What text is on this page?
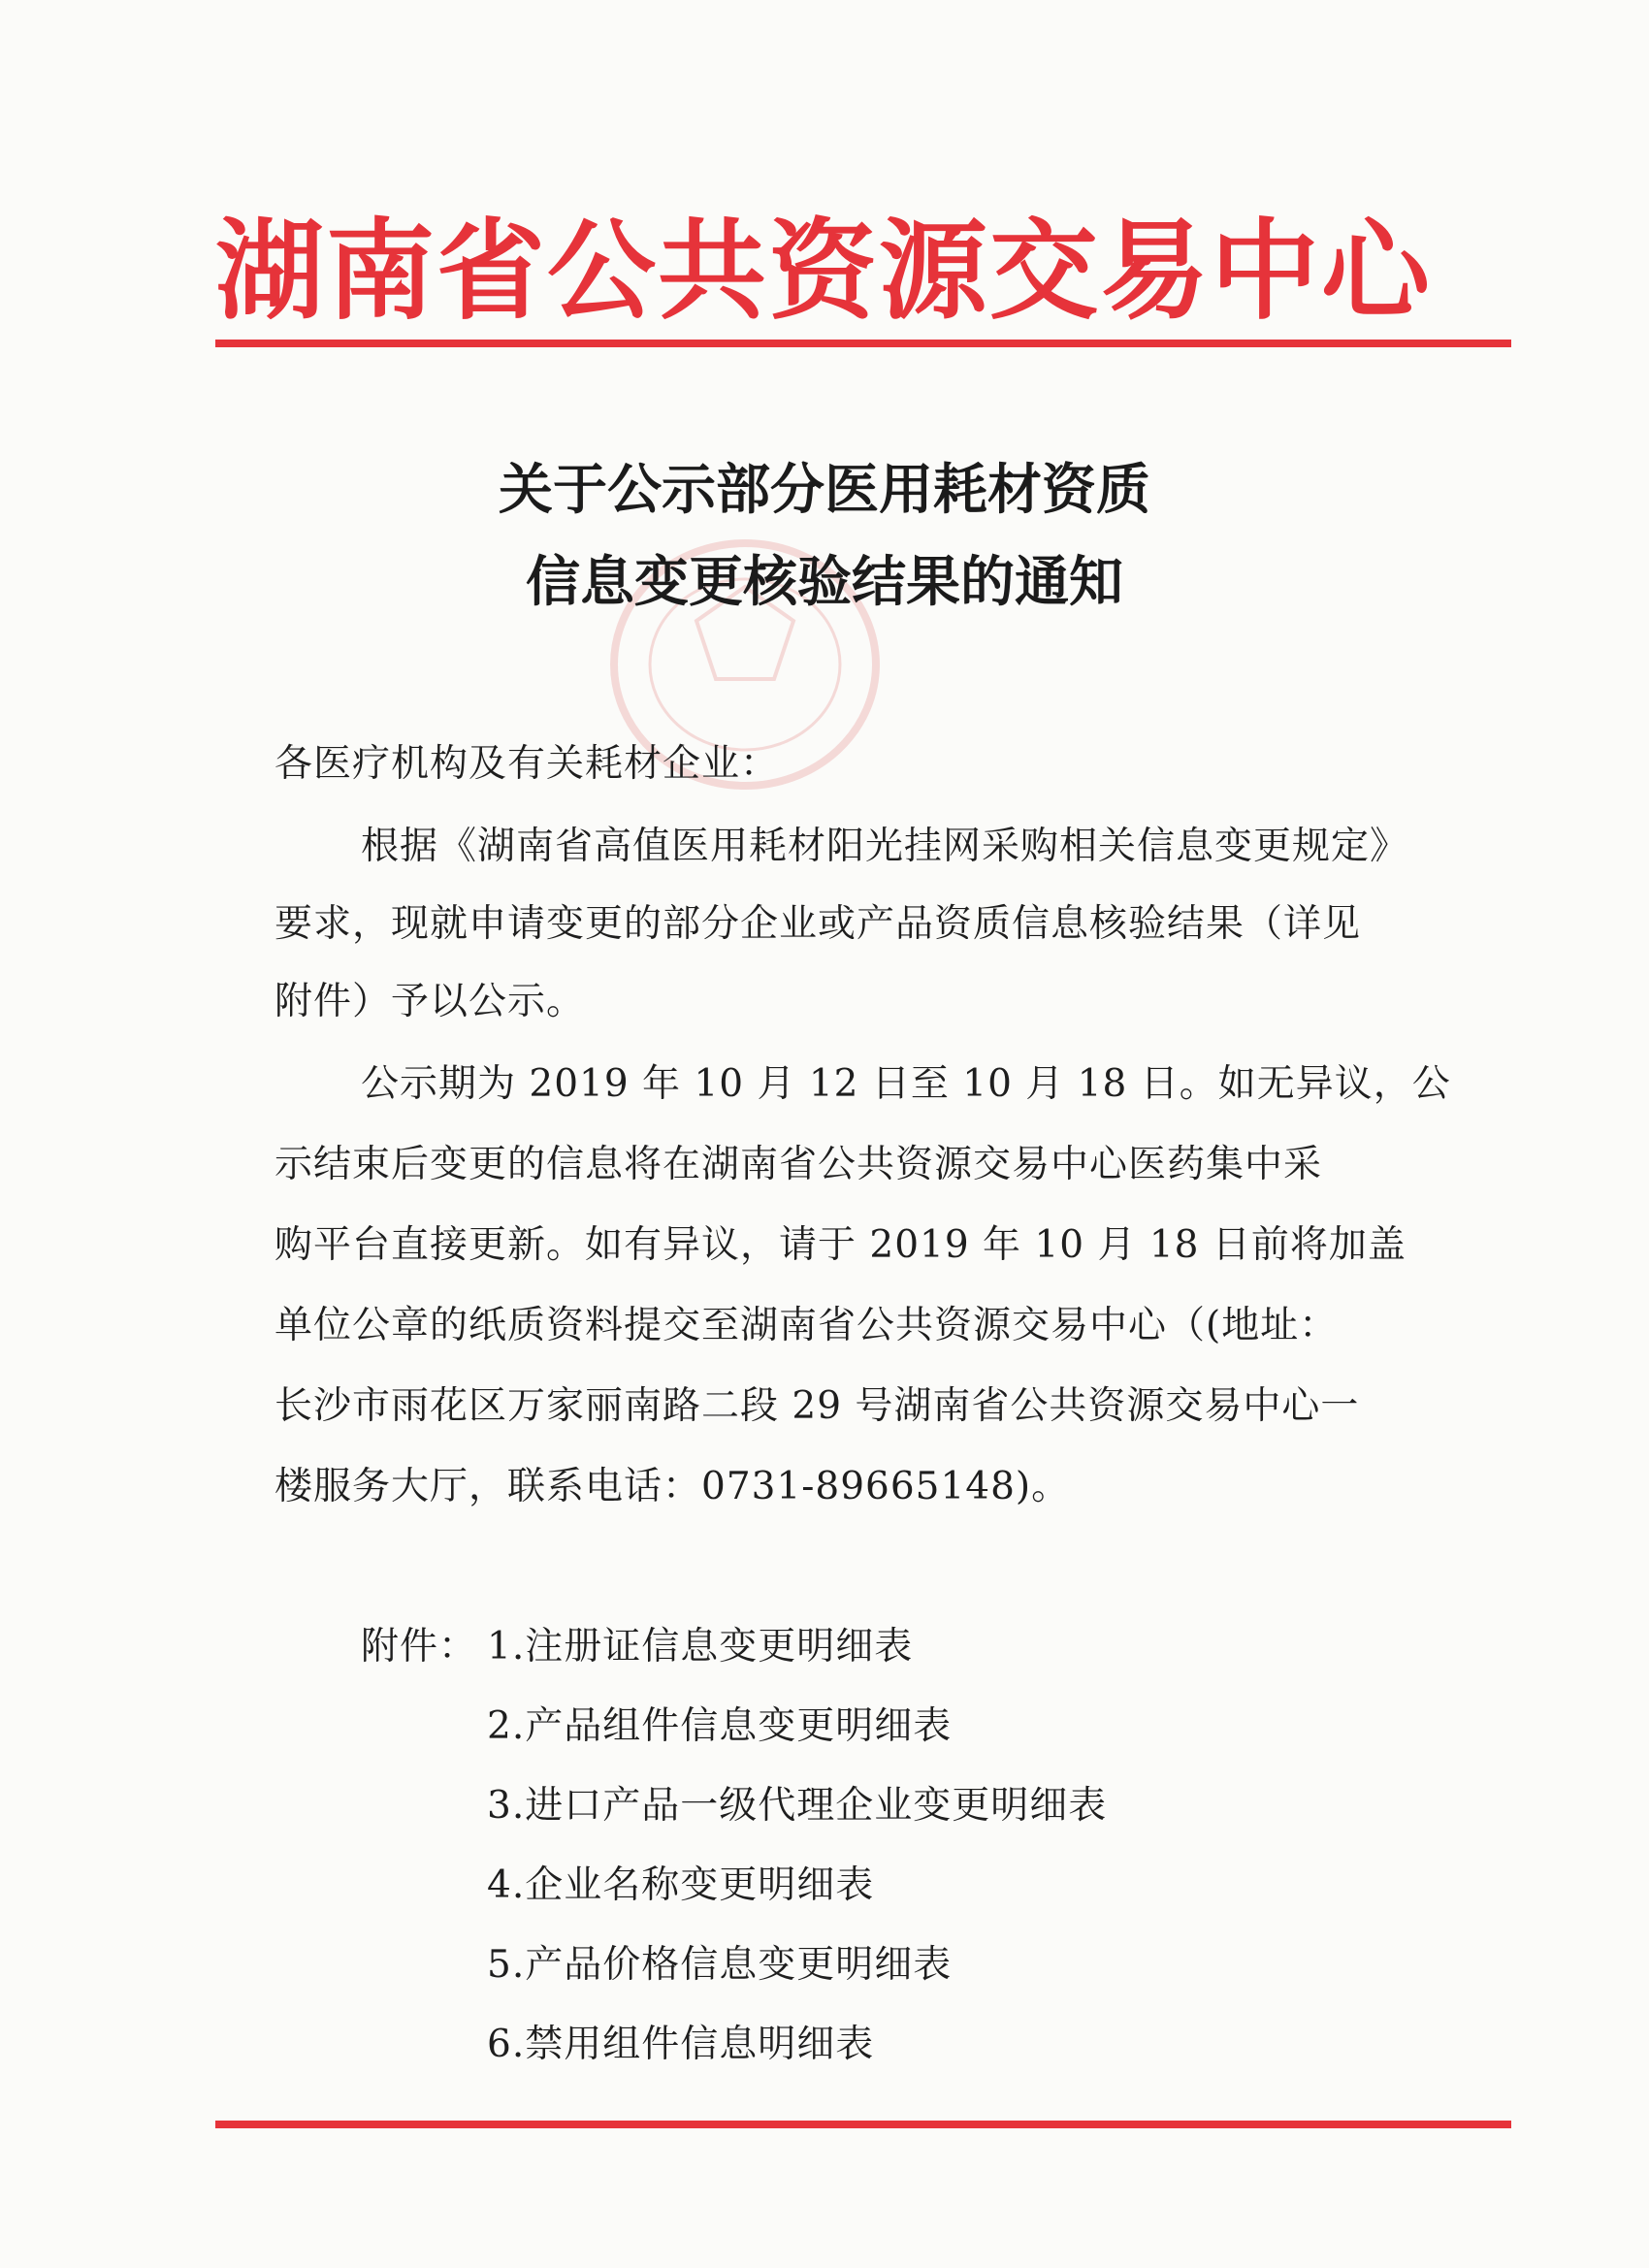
湖南省公共资源交易中心
关于公示部分医用耗材资质
信息变更核验结果的通知
各医疗机构及有关耗材企业：
根据《湖南省高值医用耗材阳光挂网采购相关信息变更规定》
要求，现就申请变更的部分企业或产品资质信息核验结果（详见
附件）予以公示。
公示期为 2019 年 10 月 12 日至 10 月 18 日。如无异议，公
示结束后变更的信息将在湖南省公共资源交易中心医药集中采
购平台直接更新。如有异议，请于 2019 年 10 月 18 日前将加盖
单位公章的纸质资料提交至湖南省公共资源交易中心（(地址：
长沙市雨花区万家丽南路二段 29 号湖南省公共资源交易中心一
楼服务大厅，联系电话：0731-89665148)。
附件： 1.注册证信息变更明细表
2.产品组件信息变更明细表
3.进口产品一级代理企业变更明细表
4.企业名称变更明细表
5.产品价格信息变更明细表
6.禁用组件信息明细表
